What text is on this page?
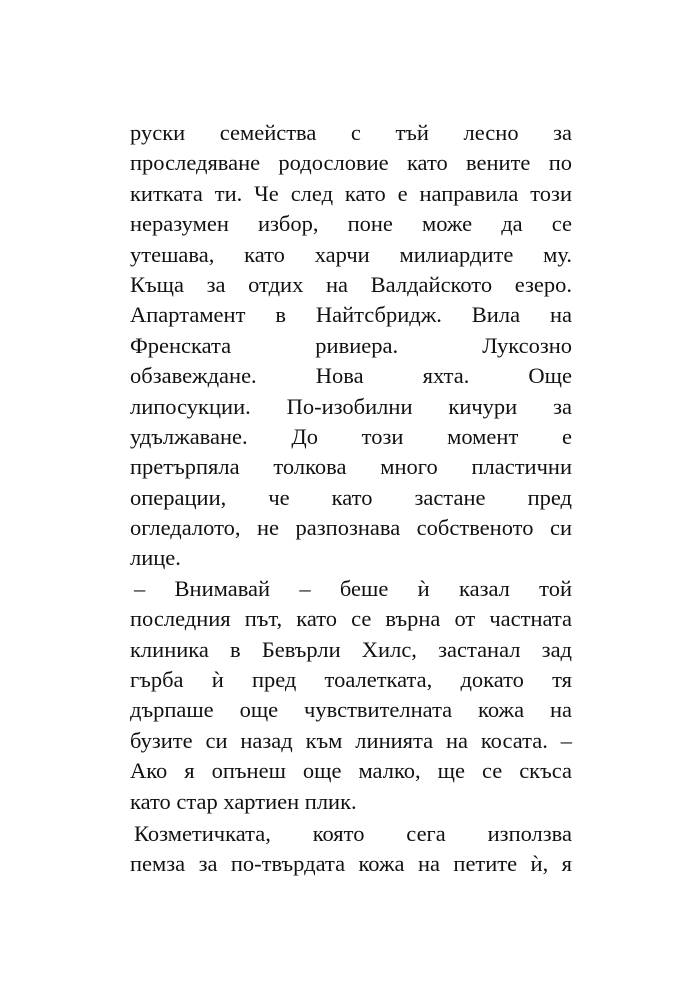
руски семейства с тъй лесно за
проследяване родословие като вените по
китката ти. Че след като е направила този
неразумен избор, поне може да се
утешава, като харчи милиардите му.
Къща за отдих на Валдайското езеро.
Апартамент в Найтсбридж. Вила на
Френската ривиера. Луксозно
обзавеждане. Нова яхта. Още
липосукции. По-изобилни кичури за
удължаване. До този момент е
претърпяла толкова много пластични
операции, че като застане пред
огледалото, не разпознава собственото си
лице.
– Внимавай – беше ѝ казал той
последния път, като се върна от частната
клиника в Бевърли Хилс, застанал зад
гърба ѝ пред тоалетката, докато тя
дърпаше още чувствителната кожа на
бузите си назад към линията на косата. –
Ако я опънеш още малко, ще се скъса
като стар хартиен плик.
Козметичката, която сега използва
пемза за по-твърдата кожа на петите ѝ, я
